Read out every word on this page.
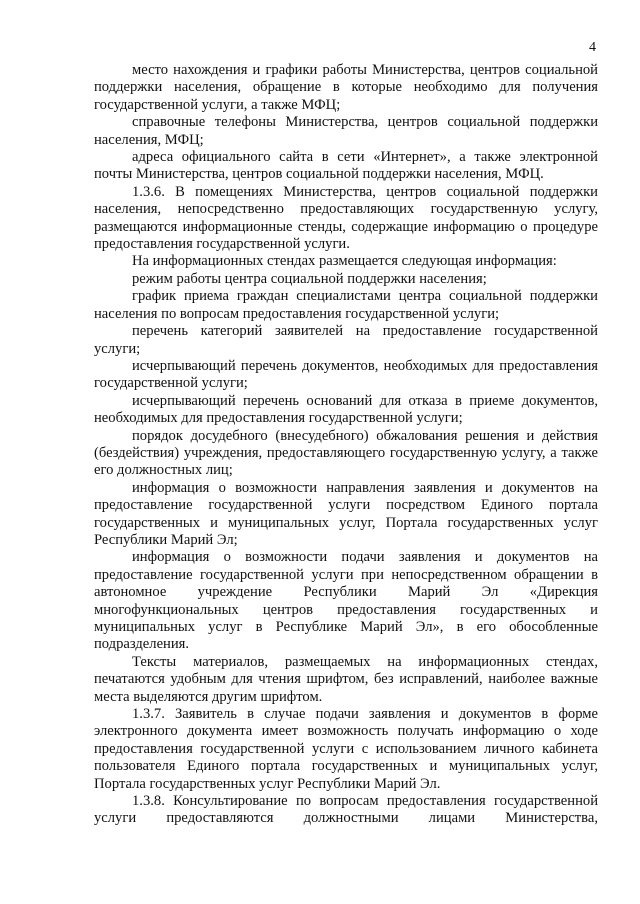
4

место нахождения и графики работы Министерства, центров социальной поддержки населения, обращение в которые необходимо для получения государственной услуги, а также МФЦ;

справочные телефоны Министерства, центров социальной поддержки населения, МФЦ;

адреса официального сайта в сети «Интернет», а также электронной почты Министерства, центров социальной поддержки населения, МФЦ.

1.3.6. В помещениях Министерства, центров социальной поддержки населения, непосредственно предоставляющих государственную услугу, размещаются информационные стенды, содержащие информацию о процедуре предоставления государственной услуги.

На информационных стендах размещается следующая информация:

режим работы центра социальной поддержки населения;

график приема граждан специалистами центра социальной поддержки населения по вопросам предоставления государственной услуги;

перечень категорий заявителей на предоставление государственной услуги;

исчерпывающий перечень документов, необходимых для предоставления государственной услуги;

исчерпывающий перечень оснований для отказа в приеме документов, необходимых для предоставления государственной услуги;

порядок досудебного (внесудебного) обжалования решения и действия (бездействия) учреждения, предоставляющего государственную услугу, а также его должностных лиц;

информация о возможности направления заявления и документов на предоставление государственной услуги посредством Единого портала государственных и муниципальных услуг, Портала государственных услуг Республики Марий Эл;

информация о возможности подачи заявления и документов на предоставление государственной услуги при непосредственном обращении в автономное учреждение Республики Марий Эл «Дирекция многофункциональных центров предоставления государственных и муниципальных услуг в Республике Марий Эл», в его обособленные подразделения.

Тексты материалов, размещаемых на информационных стендах, печатаются удобным для чтения шрифтом, без исправлений, наиболее важные места выделяются другим шрифтом.

1.3.7. Заявитель в случае подачи заявления и документов в форме электронного документа имеет возможность получать информацию о ходе предоставления государственной услуги с использованием личного кабинета пользователя Единого портала государственных и муниципальных услуг, Портала государственных услуг Республики Марий Эл.

1.3.8. Консультирование по вопросам предоставления государственной услуги предоставляются должностными лицами Министерства,
